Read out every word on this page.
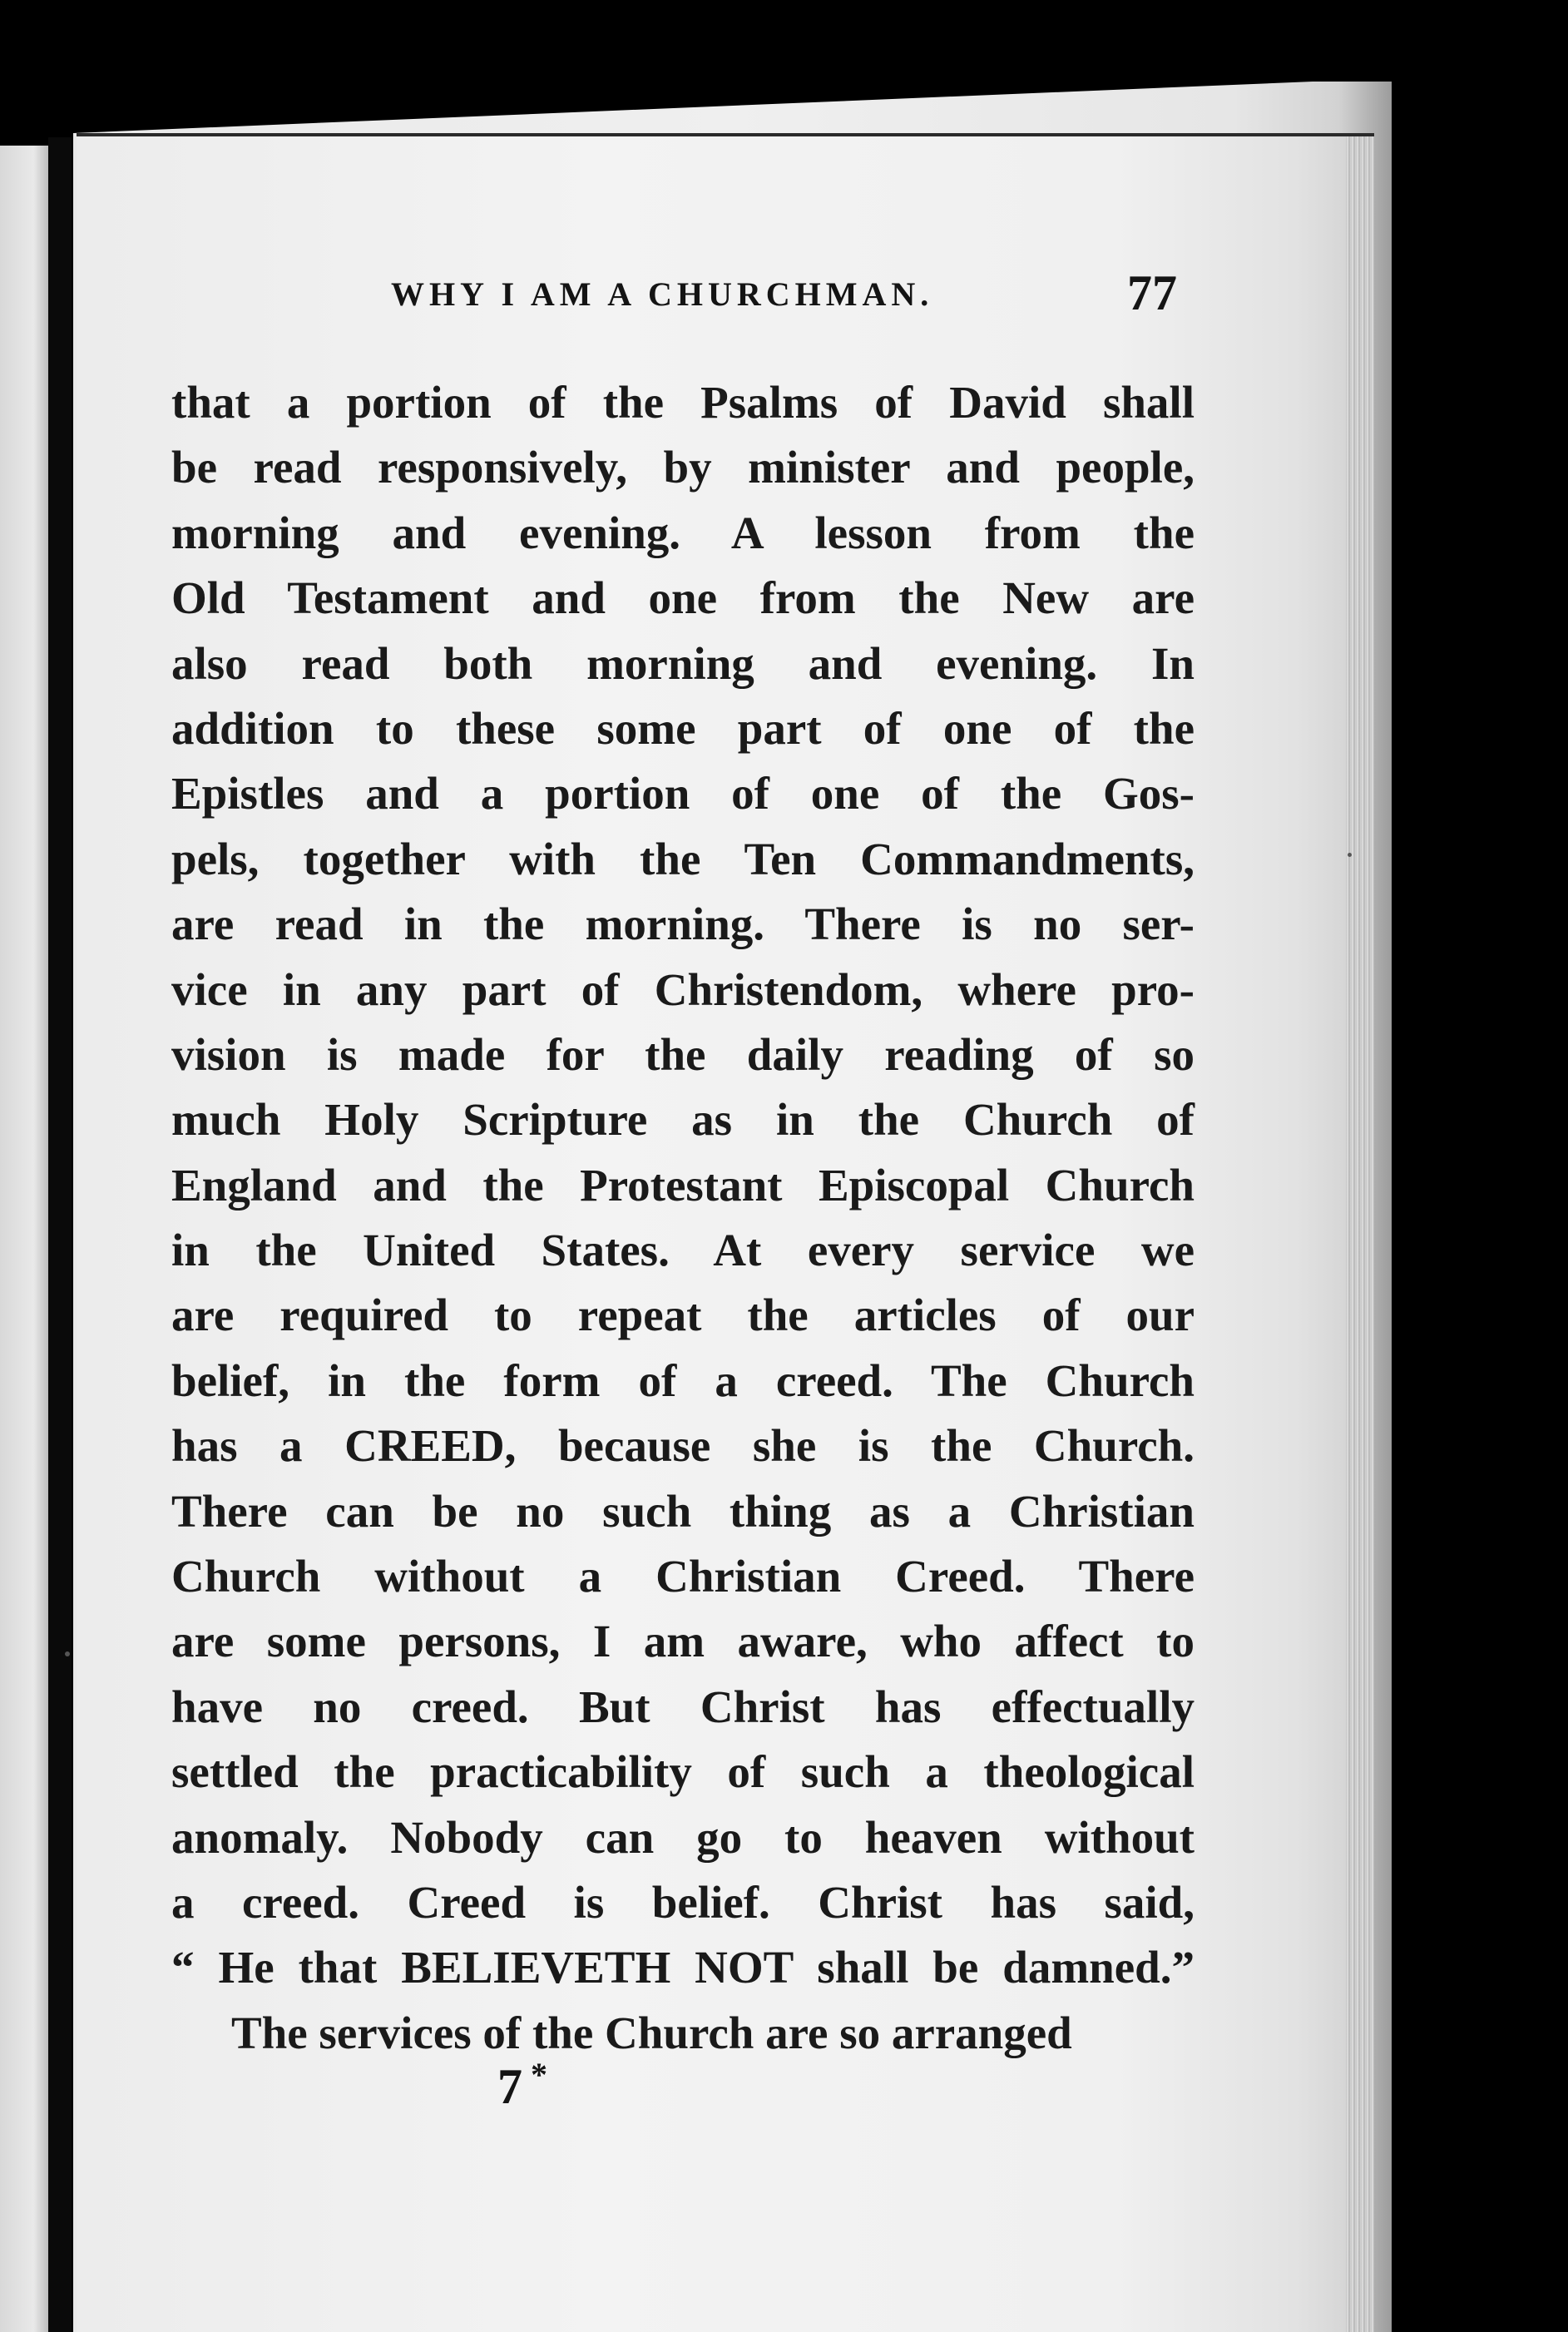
WHY I AM A CHURCHMAN.	77
that a portion of the Psalms of David shall
be read responsively, by minister and people,
morning and evening. A lesson from the
Old Testament and one from the New are
also read both morning and evening. In
addition to these some part of one of the
Epistles and a portion of one of the Gos-
pels, together with the Ten Commandments,
are read in the morning. There is no ser-
vice in any part of Christendom, where pro-
vision is made for the daily reading of so
much Holy Scripture as in the Church of
England and the Protestant Episcopal Church
in the United States. At every service we
are required to repeat the articles of our
belief, in the form of a creed. The Church
has a CREED, because she is the Church.
There can be no such thing as a Christian
Church without a Christian Creed. There
are some persons, I am aware, who affect to
have no creed. But Christ has effectually
settled the practicability of such a theological
anomaly. Nobody can go to heaven without
a creed. Creed is belief. Christ has said,
“ He that BELIEVETH NOT shall be damned.”
The services of the Church are so arranged
7 *
